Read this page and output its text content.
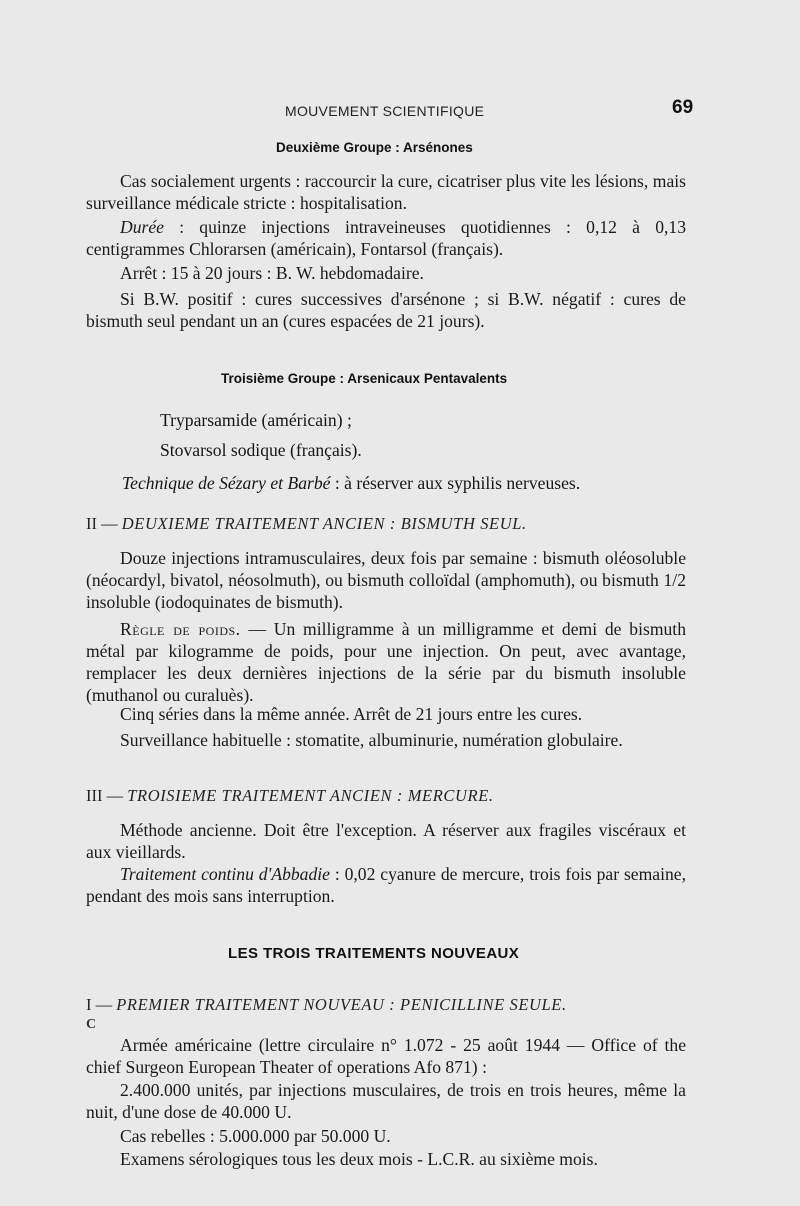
MOUVEMENT SCIENTIFIQUE	69
Deuxième Groupe : Arsénones
Cas socialement urgents : raccourcir la cure, cicatriser plus vite les lésions, mais surveillance médicale stricte : hospitalisation.
Durée : quinze injections intraveineuses quotidiennes : 0,12 à 0,13 centigrammes Chlorarsen (américain), Fontarsol (français).
Arrêt : 15 à 20 jours : B. W. hebdomadaire.
Si B.W. positif : cures successives d'arsénone ; si B.W. négatif : cures de bismuth seul pendant un an (cures espacées de 21 jours).
Troisième Groupe : Arsenicaux Pentavalents
Tryparsamide (américain) ;
Stovarsol sodique (français).
Technique de Sézary et Barbé : à réserver aux syphilis nerveuses.
II — DEUXIEME TRAITEMENT ANCIEN : BISMUTH SEUL.
Douze injections intramusculaires, deux fois par semaine : bismuth oléosoluble (néocardyl, bivatol, néosolmuth), ou bismuth colloïdal (amphomuth), ou bismuth 1/2 insoluble (iodoquinates de bismuth).
Règle de poids. — Un milligramme à un milligramme et demi de bismuth métal par kilogramme de poids, pour une injection. On peut, avec avantage, remplacer les deux dernières injections de la série par du bismuth insoluble (muthanol ou curaluès).
Cinq séries dans la même année. Arrêt de 21 jours entre les cures.
Surveillance habituelle : stomatite, albuminurie, numération globulaire.
III — TROISIEME TRAITEMENT ANCIEN : MERCURE.
Méthode ancienne. Doit être l'exception. A réserver aux fragiles viscéraux et aux vieillards.
Traitement continu d'Abbadie : 0,02 cyanure de mercure, trois fois par semaine, pendant des mois sans interruption.
LES TROIS TRAITEMENTS NOUVEAUX
I — PREMIER TRAITEMENT NOUVEAU : PENICILLINE SEULE.
C
Armée américaine (lettre circulaire n° 1.072 - 25 août 1944 — Office of the chief Surgeon European Theater of operations Afo 871) :
2.400.000 unités, par injections musculaires, de trois en trois heures, même la nuit, d'une dose de 40.000 U.
Cas rebelles : 5.000.000 par 50.000 U.
Examens sérologiques tous les deux mois - L.C.R. au sixième mois.
